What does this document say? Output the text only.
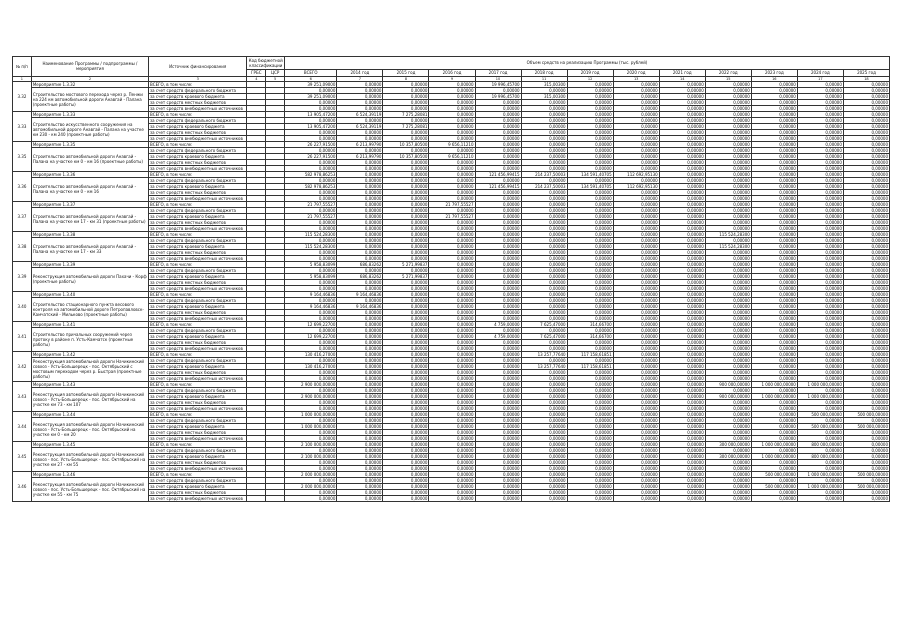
№ п/п	Наименование Программы / подпрограммы / мероприятия	Источник финансирования	Код бюджетной классификации		Объем средств на реализацию Программы (тыс. рублей)												
			ГРБС	ЦСР	ВСЕГО	2014 год	2015 год	2016 год	2017 год	2018 год	2019 год	2020 год	2021 год	2022 год	2023 год	2024 год	2025 год
1	2	3	4	5	6	7	8	9	10	11	12	13	14	15	16	17	18
3.32	Мероприятие 1.3.32	ВСЕГО, в том числе:			39 251,09000	0,00000	0,00000	0,00000	19 996,45700	315,00300	0,00000	0,00000	0,00000	0,00000	0,00000	0,00000	0,00000
	Строительство мостового перехода через р. Пенжи на 224 км автомобильной дороги Анавгай - Палана (проектные работы)	за счет средств федерального бюджета			0,00000	0,00000	0,00000	0,00000	0,00000	0,00000	0,00000	0,00000	0,00000	0,00000	0,00000	0,00000	0,00000
		за счет средств краевого бюджета			39 251,09000	0,00000	0,00000	0,00000	19 996,45700	315,00300	0,00000	0,00000	0,00000	0,00000	0,00000	0,00000	0,00000
		за счет средств местных бюджетов			0,00000	0,00000	0,00000	0,00000	0,00000	0,00000	0,00000	0,00000	0,00000	0,00000	0,00000	0,00000	0,00000
		за счет средств внебюджетных источников			0,00000	0,00000	0,00000	0,00000	0,00000	0,00000	0,00000	0,00000	0,00000	0,00000	0,00000	0,00000	0,00000
3.33	Мероприятие 1.3.33	ВСЕГО, в том числе:			13 905,47200	6 524,39119	7 275,28081	0,00000	0,00000	0,00000	0,00000	0,00000	0,00000	0,00000	0,00000	0,00000	0,00000
	Строительство искусственного сооружения на автомобильной дороге Анавгай - Палана на участке км 230 - км 240 (проектные работы)	за счет средств федерального бюджета			0,00000	0,00000	0,00000	0,00000	0,00000	0,00000	0,00000	0,00000	0,00000	0,00000	0,00000	0,00000	0,00000
		за счет средств краевого бюджета			13 905,47200	6 524,39119	7 275,28081	0,00000	0,00000	0,00000	0,00000	0,00000	0,00000	0,00000	0,00000	0,00000	0,00000
		за счет средств местных бюджетов			0,00000	0,00000	0,00000	0,00000	0,00000	0,00000	0,00000	0,00000	0,00000	0,00000	0,00000	0,00000	0,00000
		за счет средств внебюджетных источников			0,00000	0,00000	0,00000	0,00000	0,00000	0,00000	0,00000	0,00000	0,00000	0,00000	0,00000	0,00000	0,00000
3.35	Мероприятие 1.3.35	ВСЕГО, в том числе:			26 227,91500	6 213,99790	10 357,80500	9 656,11210	0,00000	0,00000	0,00000	0,00000	0,00000	0,00000	0,00000	0,00000	0,00000
	Строительство автомобильной дороги Анавгай - Палана на участке км 0 - км 16 (проектные работы)	за счет средств федерального бюджета			0,00000	0,00000	0,00000	0,00000	0,00000	0,00000	0,00000	0,00000	0,00000	0,00000	0,00000	0,00000	0,00000
		за счет средств краевого бюджета			26 227,91500	6 213,99790	10 357,80500	9 656,11210	0,00000	0,00000	0,00000	0,00000	0,00000	0,00000	0,00000	0,00000	0,00000
		за счет средств местных бюджетов			0,00000	0,00000	0,00000	0,00000	0,00000	0,00000	0,00000	0,00000	0,00000	0,00000	0,00000	0,00000	0,00000
		за счет средств внебюджетных источников			0,00000	0,00000	0,00000	0,00000	0,00000	0,00000	0,00000	0,00000	0,00000	0,00000	0,00000	0,00000	0,00000
3.36	Мероприятие 1.3.36	ВСЕГО, в том числе:			582 978,86253	0,00000	0,00000	0,00000	121 456,99415	214 237,50003	134 591,40705	112 692,95130	0,00000	0,00000	0,00000	0,00000	0,00000
	Строительство автомобильной дороги Анавгай - Палана на участке км 0 - км 16	за счет средств федерального бюджета			0,00000	0,00000	0,00000	0,00000	0,00000	0,00000	0,00000	0,00000	0,00000	0,00000	0,00000	0,00000	0,00000
		за счет средств краевого бюджета			582 978,86253	0,00000	0,00000	0,00000	121 456,99415	214 237,50003	134 591,40705	112 692,95130	0,00000	0,00000	0,00000	0,00000	0,00000
		за счет средств местных бюджетов			0,00000	0,00000	0,00000	0,00000	0,00000	0,00000	0,00000	0,00000	0,00000	0,00000	0,00000	0,00000	0,00000
		за счет средств внебюджетных источников			0,00000	0,00000	0,00000	0,00000	0,00000	0,00000	0,00000	0,00000	0,00000	0,00000	0,00000	0,00000	0,00000
3.37	Мероприятие 1.3.37	ВСЕГО, в том числе:			21 797,55527	0,00000	0,00000	21 797,55527	0,00000	0,00000	0,00000	0,00000	0,00000	0,00000	0,00000	0,00000	0,00000
	Строительство автомобильной дороги Анавгай - Палана на участке км 17 - км 31 (проектные работы)	за счет средств федерального бюджета			0,00000	0,00000	0,00000	0,00000	0,00000	0,00000	0,00000	0,00000	0,00000	0,00000	0,00000	0,00000	0,00000
		за счет средств краевого бюджета			21 797,55527	0,00000	0,00000	21 797,55527	0,00000	0,00000	0,00000	0,00000	0,00000	0,00000	0,00000	0,00000	0,00000
		за счет средств местных бюджетов			0,00000	0,00000	0,00000	0,00000	0,00000	0,00000	0,00000	0,00000	0,00000	0,00000	0,00000	0,00000	0,00000
		за счет средств внебюджетных источников			0,00000	0,00000	0,00000	0,00000	0,00000	0,00000	0,00000	0,00000	0,00000	0,00000	0,00000	0,00000	0,00000
3.38	Мероприятие 1.3.38	ВСЕГО, в том числе:			115 524,28300	0,00000	0,00000	0,00000	0,00000	0,00000	0,00000	0,00000	0,00000	115 524,28300	0,00000	0,00000	0,00000
	Строительство автомобильной дороги Анавгай - Палана на участке км 17 - км 33	за счет средств федерального бюджета			0,00000	0,00000	0,00000	0,00000	0,00000	0,00000	0,00000	0,00000	0,00000	0,00000	0,00000	0,00000	0,00000
		за счет средств краевого бюджета			115 524,28300	0,00000	0,00000	0,00000	0,00000	0,00000	0,00000	0,00000	0,00000	115 524,28300	0,00000	0,00000	0,00000
		за счет средств местных бюджетов			0,00000	0,00000	0,00000	0,00000	0,00000	0,00000	0,00000	0,00000	0,00000	0,00000	0,00000	0,00000	0,00000
		за счет средств внебюджетных источников			0,00000	0,00000	0,00000	0,00000	0,00000	0,00000	0,00000	0,00000	0,00000	0,00000	0,00000	0,00000	0,00000
3.39	Мероприятие 1.3.39	ВСЕГО, в том числе:			5 958,83099	686,83262	5 271,99837	0,00000	0,00000	0,00000	0,00000	0,00000	0,00000	0,00000	0,00000	0,00000	0,00000
	Реконструкция автомобильной дороги Пахачи - Корф (проектные работы)	за счет средств федерального бюджета			0,00000	0,00000	0,00000	0,00000	0,00000	0,00000	0,00000	0,00000	0,00000	0,00000	0,00000	0,00000	0,00000
		за счет средств краевого бюджета			5 958,83099	686,83262	5 271,99837	0,00000	0,00000	0,00000	0,00000	0,00000	0,00000	0,00000	0,00000	0,00000	0,00000
		за счет средств местных бюджетов			0,00000	0,00000	0,00000	0,00000	0,00000	0,00000	0,00000	0,00000	0,00000	0,00000	0,00000	0,00000	0,00000
		за счет средств внебюджетных источников			0,00000	0,00000	0,00000	0,00000	0,00000	0,00000	0,00000	0,00000	0,00000	0,00000	0,00000	0,00000	0,00000
3.40	Мероприятие 1.3.40	ВСЕГО, в том числе:			9 164,46836	9 164,46836	0,00000	0,00000	0,00000	0,00000	0,00000	0,00000	0,00000	0,00000	0,00000	0,00000	0,00000
	Строительство стационарного пункта весового контроля на автомобильной дороге Петропавловск-Камчатский - Мильково (проектные работы)	за счет средств федерального бюджета			0,00000	0,00000	0,00000	0,00000	0,00000	0,00000	0,00000	0,00000	0,00000	0,00000	0,00000	0,00000	0,00000
		за счет средств краевого бюджета			9 164,46836	9 164,46836	0,00000	0,00000	0,00000	0,00000	0,00000	0,00000	0,00000	0,00000	0,00000	0,00000	0,00000
		за счет средств местных бюджетов			0,00000	0,00000	0,00000	0,00000	0,00000	0,00000	0,00000	0,00000	0,00000	0,00000	0,00000	0,00000	0,00000
		за счет средств внебюджетных источников			0,00000	0,00000	0,00000	0,00000	0,00000	0,00000	0,00000	0,00000	0,00000	0,00000	0,00000	0,00000	0,00000
3.41	Мероприятие 1.3.41	ВСЕГО, в том числе:			12 699,22700	0,00000	0,00000	0,00000	4 759,00000	7 625,47000	314,66700	0,00000	0,00000	0,00000	0,00000	0,00000	0,00000
	Строительство причальных сооружений через протоку в районе п. Усть-Камчатск (проектные работы)	за счет средств федерального бюджета			0,00000	0,00000	0,00000	0,00000	0,00000	0,00000	0,00000	0,00000	0,00000	0,00000	0,00000	0,00000	0,00000
		за счет средств краевого бюджета			12 699,22700	0,00000	0,00000	0,00000	4 759,00000	7 625,47000	314,66700	0,00000	0,00000	0,00000	0,00000	0,00000	0,00000
		за счет средств местных бюджетов			0,00000	0,00000	0,00000	0,00000	0,00000	0,00000	0,00000	0,00000	0,00000	0,00000	0,00000	0,00000	0,00000
		за счет средств внебюджетных источников			0,00000	0,00000	0,00000	0,00000	0,00000	0,00000	0,00000	0,00000	0,00000	0,00000	0,00000	0,00000	0,00000
3.42	Мероприятие 1.3.42	ВСЕГО, в том числе:			130 416,27000	0,00000	0,00000	0,00000	0,00000	13 257,77640	117 158,61851	0,00000	0,00000	0,00000	0,00000	0,00000	0,00000
	Реконструкция автомобильной дороги Начикинский совхоз - Усть-Большерецк - пос. Октябрьский с мостовым переходом через р. Быстрая (проектные работы)	за счет средств федерального бюджета			0,00000	0,00000	0,00000	0,00000	0,00000	0,00000	0,00000	0,00000	0,00000	0,00000	0,00000	0,00000	0,00000
		за счет средств краевого бюджета			130 416,27000	0,00000	0,00000	0,00000	0,00000	13 257,77640	117 158,61851	0,00000	0,00000	0,00000	0,00000	0,00000	0,00000
		за счет средств местных бюджетов			0,00000	0,00000	0,00000	0,00000	0,00000	0,00000	0,00000	0,00000	0,00000	0,00000	0,00000	0,00000	0,00000
		за счет средств внебюджетных источников			0,00000	0,00000	0,00000	0,00000	0,00000	0,00000	0,00000	0,00000	0,00000	0,00000	0,00000	0,00000	0,00000
3.43	Мероприятие 1.3.43	ВСЕГО, в том числе:			2 900 000,00000	0,00000	0,00000	0,00000	0,00000	0,00000	0,00000	0,00000	0,00000	900 000,00000	1 000 000,00000	1 000 000,00000	0,00000
	Реконструкция автомобильной дороги Начикинский совхоз - Усть-Большерецк - пос. Октябрьский на участке км 73 - км 107	за счет средств федерального бюджета			0,00000	0,00000	0,00000	0,00000	0,00000	0,00000	0,00000	0,00000	0,00000	0,00000	0,00000	0,00000	0,00000
		за счет средств краевого бюджета			2 900 000,00000	0,00000	0,00000	0,00000	0,00000	0,00000	0,00000	0,00000	0,00000	900 000,00000	1 000 000,00000	1 000 000,00000	0,00000
		за счет средств местных бюджетов			0,00000	0,00000	0,00000	0,00000	0,00000	0,00000	0,00000	0,00000	0,00000	0,00000	0,00000	0,00000	0,00000
		за счет средств внебюджетных источников			0,00000	0,00000	0,00000	0,00000	0,00000	0,00000	0,00000	0,00000	0,00000	0,00000	0,00000	0,00000	0,00000
3.44	Мероприятие 1.3.44	ВСЕГО, в том числе:			1 000 000,00000	0,00000	0,00000	0,00000	0,00000	0,00000	0,00000	0,00000	0,00000	0,00000	0,00000	500 000,00000	500 000,00000
	Реконструкция автомобильной дороги Начикинский совхоз - Усть-Большерецк - пос. Октябрьский на участке км 0 - км 20	за счет средств федерального бюджета			0,00000	0,00000	0,00000	0,00000	0,00000	0,00000	0,00000	0,00000	0,00000	0,00000	0,00000	0,00000	0,00000
		за счет средств краевого бюджета			1 000 000,00000	0,00000	0,00000	0,00000	0,00000	0,00000	0,00000	0,00000	0,00000	0,00000	0,00000	500 000,00000	500 000,00000
		за счет средств местных бюджетов			0,00000	0,00000	0,00000	0,00000	0,00000	0,00000	0,00000	0,00000	0,00000	0,00000	0,00000	0,00000	0,00000
		за счет средств внебюджетных источников			0,00000	0,00000	0,00000	0,00000	0,00000	0,00000	0,00000	0,00000	0,00000	0,00000	0,00000	0,00000	0,00000
3.45	Мероприятие 1.3.45	ВСЕГО, в том числе:			2 100 000,00000	0,00000	0,00000	0,00000	0,00000	0,00000	0,00000	0,00000	0,00000	300 000,00000	1 000 000,00000	800 000,00000	0,00000
	Реконструкция автомобильной дороги Начикинский совхоз - пос. Усть-Большерецк - пос. Октябрьский на участке км 27 - км 55	за счет средств федерального бюджета			0,00000	0,00000	0,00000	0,00000	0,00000	0,00000	0,00000	0,00000	0,00000	0,00000	0,00000	0,00000	0,00000
		за счет средств краевого бюджета			2 100 000,00000	0,00000	0,00000	0,00000	0,00000	0,00000	0,00000	0,00000	0,00000	300 000,00000	1 000 000,00000	800 000,00000	0,00000
		за счет средств местных бюджетов			0,00000	0,00000	0,00000	0,00000	0,00000	0,00000	0,00000	0,00000	0,00000	0,00000	0,00000	0,00000	0,00000
		за счет средств внебюджетных источников			0,00000	0,00000	0,00000	0,00000	0,00000	0,00000	0,00000	0,00000	0,00000	0,00000	0,00000	0,00000	0,00000
3.46	Мероприятие 1.3.46	ВСЕГО, в том числе:			2 000 000,00000	0,00000	0,00000	0,00000	0,00000	0,00000	0,00000	0,00000	0,00000	0,00000	500 000,00000	1 000 000,00000	500 000,00000
	Реконструкция автомобильной дороги Начикинский совхоз - пос. Усть-Большерецк - пос. Октябрьский на участке км 55 - км 75	за счет средств федерального бюджета			0,00000	0,00000	0,00000	0,00000	0,00000	0,00000	0,00000	0,00000	0,00000	0,00000	0,00000	0,00000	0,00000
		за счет средств краевого бюджета			2 000 000,00000	0,00000	0,00000	0,00000	0,00000	0,00000	0,00000	0,00000	0,00000	0,00000	500 000,00000	1 000 000,00000	500 000,00000
		за счет средств местных бюджетов			0,00000	0,00000	0,00000	0,00000	0,00000	0,00000	0,00000	0,00000	0,00000	0,00000	0,00000	0,00000	0,00000
		за счет средств внебюджетных источников			0,00000	0,00000	0,00000	0,00000	0,00000	0,00000	0,00000	0,00000	0,00000	0,00000	0,00000	0,00000	0,00000
